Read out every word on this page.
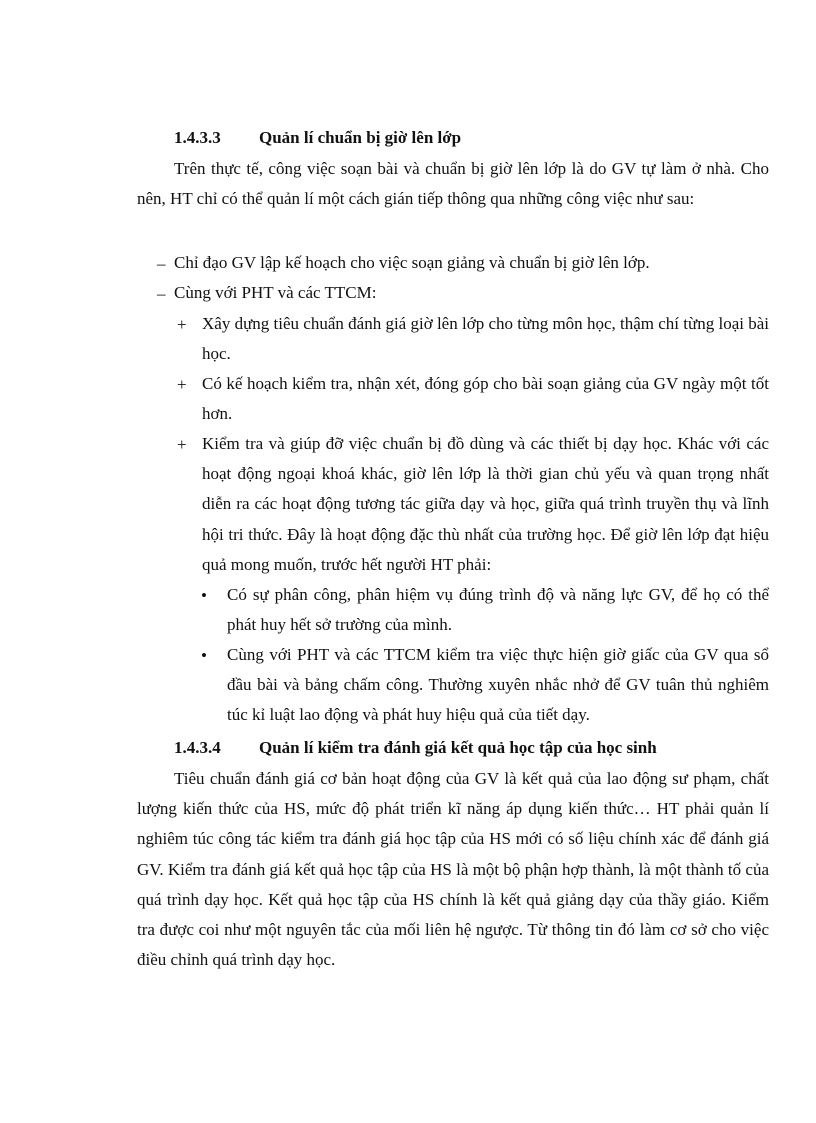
1.4.3.3 Quản lí chuẩn bị giờ lên lớp

Trên thực tế, công việc soạn bài và chuẩn bị giờ lên lớp là do GV tự làm ở nhà. Cho nên, HT chỉ có thể quản lí một cách gián tiếp thông qua những công việc như sau:

– Chỉ đạo GV lập kế hoạch cho việc soạn giảng và chuẩn bị giờ lên lớp.

– Cùng với PHT và các TTCM:

+ Xây dựng tiêu chuẩn đánh giá giờ lên lớp cho từng môn học, thậm chí từng loại bài học.

+ Có kế hoạch kiểm tra, nhận xét, đóng góp cho bài soạn giảng của GV ngày một tốt hơn.

+ Kiểm tra và giúp đỡ việc chuẩn bị đồ dùng và các thiết bị dạy học. Khác với các hoạt động ngoại khoá khác, giờ lên lớp là thời gian chủ yếu và quan trọng nhất diễn ra các hoạt động tương tác giữa dạy và học, giữa quá trình truyền thụ và lĩnh hội tri thức. Đây là hoạt động đặc thù nhất của trường học. Để giờ lên lớp đạt hiệu quả mong muốn, trước hết người HT phải:

• Có sự phân công, phân hiệm vụ đúng trình độ và năng lực GV, để họ có thể phát huy hết sở trường của mình.

• Cùng với PHT và các TTCM kiểm tra việc thực hiện giờ giấc của GV qua sổ đầu bài và bảng chấm công. Thường xuyên nhắc nhở để GV tuân thủ nghiêm túc kỉ luật lao động và phát huy hiệu quả của tiết dạy.

1.4.3.4 Quản lí kiểm tra đánh giá kết quả học tập của học sinh

Tiêu chuẩn đánh giá cơ bản hoạt động của GV là kết quả của lao động sư phạm, chất lượng kiến thức của HS, mức độ phát triển kĩ năng áp dụng kiến thức… HT phải quản lí nghiêm túc công tác kiểm tra đánh giá học tập của HS mới có số liệu chính xác để đánh giá GV. Kiểm tra đánh giá kết quả học tập của HS là một bộ phận hợp thành, là một thành tố của quá trình dạy học. Kết quả học tập của HS chính là kết quả giảng dạy của thầy giáo. Kiểm tra được coi như một nguyên tắc của mối liên hệ ngược. Từ thông tin đó làm cơ sở cho việc điều chỉnh quá trình dạy học.
